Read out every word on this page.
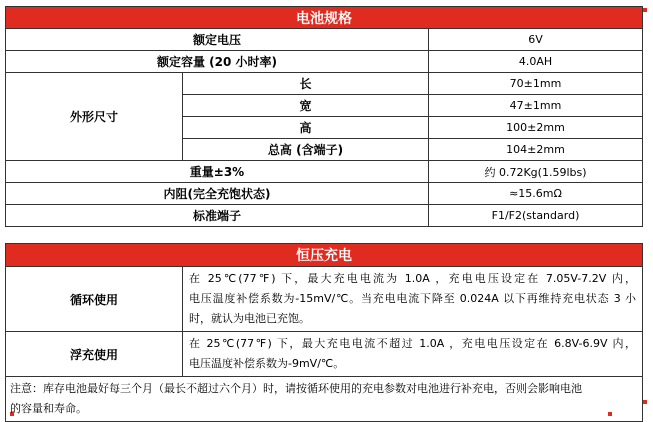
电池规格		
额定电压		6V
额定容量 (20 小时率)		4.0AH
外形尺寸	长	70±1mm
	宽	47±1mm
	高	100±2mm
	总高 (含端子)	104±2mm
重量±3%		约 0.72Kg(1.59lbs)
内阻(完全充饱状态)		≈15.6mΩ
标准端子		F1/F2(standard)
恒压充电	
循环使用	在 25℃(77℉) 下，最大充电电流为 1.0A ，充电电压设定在 7.05V-7.2V 内，
电压温度补偿系数为-15mV/℃。当充电电流下降至 0.024A 以下再维持充电状态 3 小
时，就认为电池已充饱。

浮充使用	在 25℃(77℉) 下，最大充电电流不超过 1.0A ，充电电压设定在 6.8V-6.9V 内，
电压温度补偿系数为-9mV/℃。

注意：库存电池最好每三个月（最长不超过六个月）时，请按循环使用的充电参数对电池进行补充电，否则会影响电池
的容量和寿命。	
